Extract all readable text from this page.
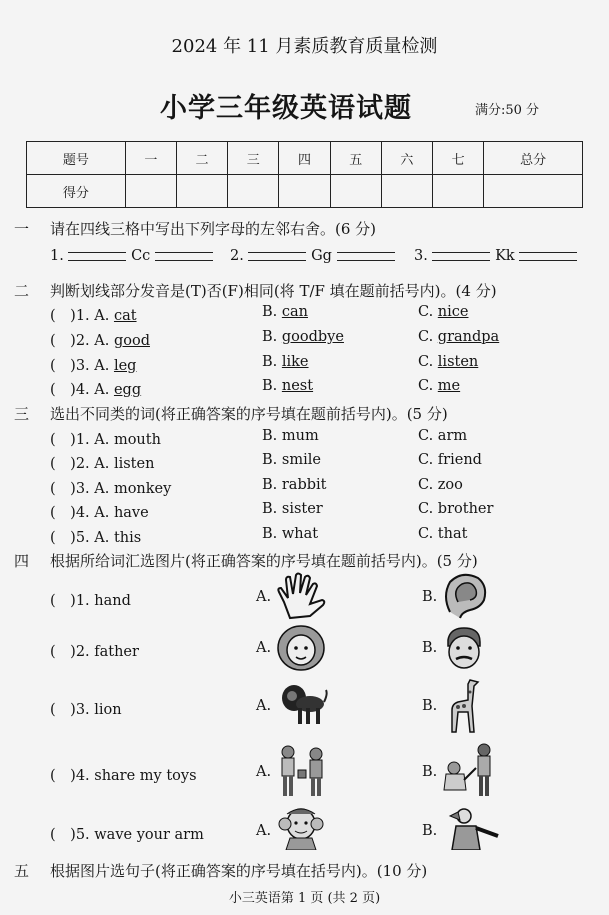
2024 年 11 月素质教育质量检测
小学三年级英语试题	满分:50 分
题号	一	二	三	四	五	六	七	总分
得分								
一 请在四线三格中写出下列字母的左邻右舍。(6 分)
1.	Cc	2.	Gg	3.	Kk
二 判断划线部分发音是(T)否(F)相同(将 T/F 填在题前括号内)。(4 分)
(　)1. A. cat	B. can	C. nice
(　)2. A. good	B. goodbye	C. grandpa
(　)3. A. leg	B. like	C. listen
(　)4. A. egg	B. nest	C. me
三 选出不同类的词(将正确答案的序号填在题前括号内)。(5 分)
(　)1. A. mouth	B. mum	C. arm
(　)2. A. listen	B. smile	C. friend
(　)3. A. monkey	B. rabbit	C. zoo
(　)4. A. have	B. sister	C. brother
(　)5. A. this	B. what	C. that
四 根据所给词汇选图片(将正确答案的序号填在题前括号内)。(5 分)
(　)1. hand	A.	B.
(　)2. father	A.	B.
(　)3. lion	A.	B.
(　)4. share my toys	A.	B.
(　)5. wave your arm	A.	B.
五 根据图片选句子(将正确答案的序号填在括号内)。(10 分)
小三英语第 1 页 (共 2 页)
